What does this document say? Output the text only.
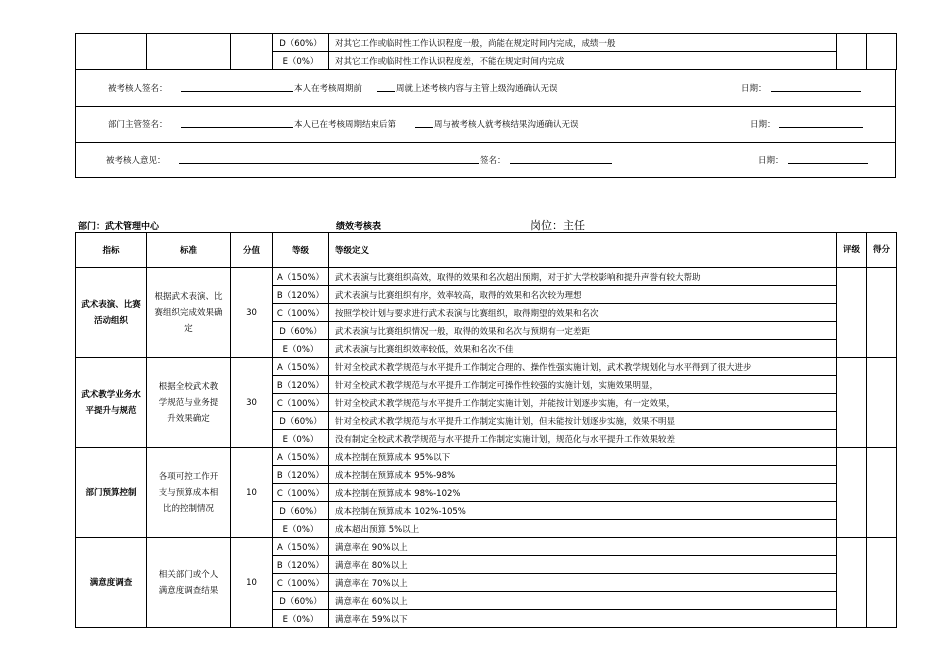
			D（60%）	对其它工作或临时性工作认识程度一般，尚能在规定时间内完成，成绩一般		
			E（0%）	对其它工作或临时性工作认识程度差，不能在规定时间内完成		
被考核人签名：	本人在考核周期前	周就上述考核内容与主管上级沟通确认无误	日期：
部门主管签名：	本人已在考核周期结束后第	周与被考核人就考核结果沟通确认无误	日期：
被考核人意见：	签名：	日期：
部门：武术管理中心	绩效考核表	岗位：主任
指标	标准	分值	等级	等级定义	评级	得分
武术表演、比赛活动组织	根据武术表演、比赛组织完成效果确定	30	A（150%）	武术表演与比赛组织高效，取得的效果和名次超出预期，对于扩大学校影响和提升声誉有较大帮助		
			B（120%）	武术表演与比赛组织有序，效率较高，取得的效果和名次较为理想		
			C（100%）	按照学校计划与要求进行武术表演与比赛组织，取得期望的效果和名次		
			D（60%）	武术表演与比赛组织情况一般，取得的效果和名次与预期有一定差距		
			E（0%）	武术表演与比赛组织效率较低，效果和名次不佳		
武术教学业务水平提升与规范	根据全校武术教学规范与业务提升效果确定	30	A（150%）	针对全校武术教学规范与水平提升工作制定合理的、操作性强实施计划，武术教学规划化与水平得到了很大进步		
			B（120%）	针对全校武术教学规范与水平提升工作制定可操作性较强的实施计划，实施效果明显，		
			C（100%）	针对全校武术教学规范与水平提升工作制定实施计划，并能按计划逐步实施，有一定效果，		
			D（60%）	针对全校武术教学规范与水平提升工作制定实施计划，但未能按计划逐步实施，效果不明显		
			E（0%）	没有制定全校武术教学规范与水平提升工作制定实施计划，规范化与水平提升工作效果较差		
部门预算控制	各项可控工作开支与预算成本相比的控制情况	10	A（150%）	成本控制在预算成本 95%以下		
			B（120%）	成本控制在预算成本 95%-98%		
			C（100%）	成本控制在预算成本 98%-102%		
			D（60%）	成本控制在预算成本 102%-105%		
			E（0%）	成本超出预算 5%以上		
满意度调查	相关部门或个人满意度调查结果	10	A（150%）	满意率在 90%以上		
			B（120%）	满意率在 80%以上		
			C（100%）	满意率在 70%以上		
			D（60%）	满意率在 60%以上		
			E（0%）	满意率在 59%以下		
